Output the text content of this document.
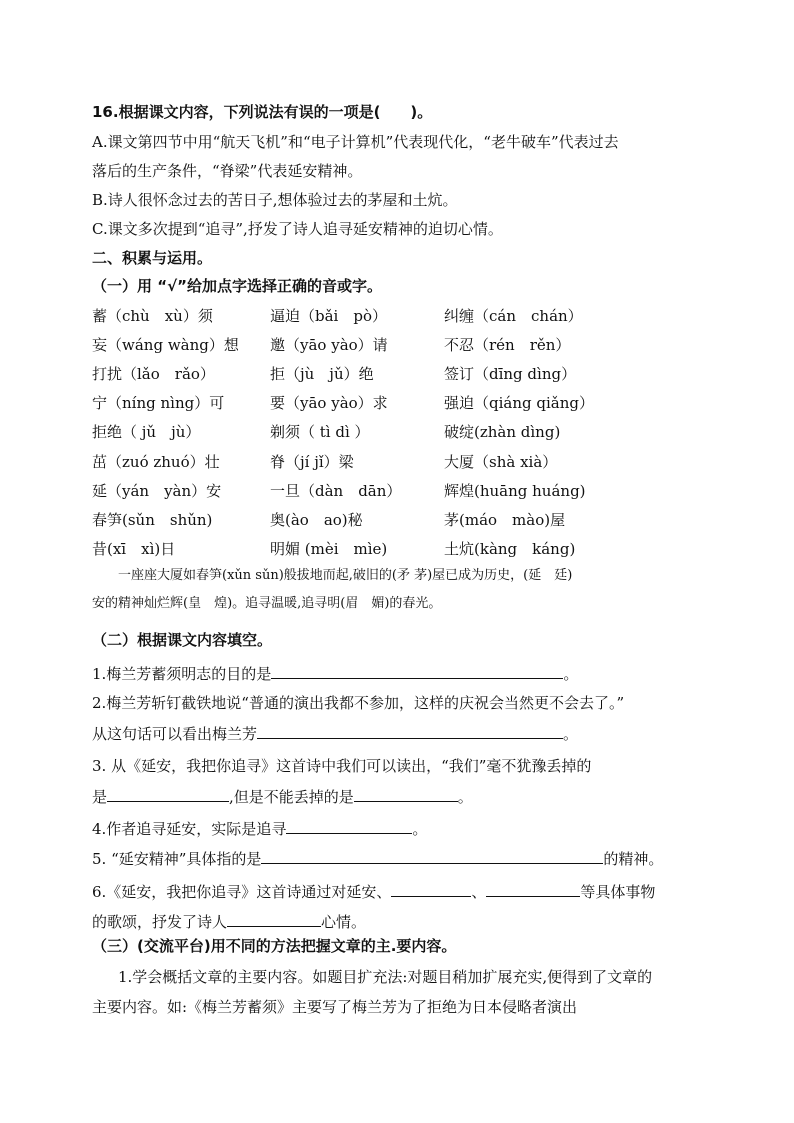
16.根据课文内容，下列说法有误的一项是(　　)。
A.课文第四节中用“航天飞机”和“电子计算机”代表现代化，“老牛破车”代表过去
落后的生产条件，“脊梁”代表延安精神。
B.诗人很怀念过去的苦日子,想体验过去的茅屋和土炕。
C.课文多次提到“追寻”,抒发了诗人追寻延安精神的迫切心情。
二、积累与运用。
（一）用 “√”给加点字选择正确的音或字。
蓄（chù　xù）须	逼迫（bǎi　pò）	纠缠（cán　chán）
妄（wáng wàng）想 邀（yāo yào）请	不忍（rén　rěn）
打扰（lǎo　rǎo）	拒（jù　jǔ）绝	签订（dīng dìng）
宁（níng nìng）可	要（yāo yào）求	强迫（qiáng qiǎng）
拒绝（ jǔ　jù）	剃须（ tì dì ）	破绽(zhàn dìng)
茁（zuó zhuó）壮	脊（jí jǐ）梁	大厦（shà xià）
延（yán　yàn）安	一旦（dàn　dān）	辉煌(huāng huáng)
春笋(sǔn　shǔn)	奥(ào　ao)秘	茅(máo　mào)屋
昔(xī　xì)日	明媚 (mèi　mìe)	土炕(kàng　káng)
一座座大厦如春笋(xǔn sǔn)般拔地而起,破旧的(矛 茅)屋已成为历史，(延　廷)
安的精神灿烂辉(皇　煌)。追寻温暖,追寻明(眉　媚)的春光。
（二）根据课文内容填空。
1.梅兰芳蓄须明志的目的是	。
2.梅兰芳斩钉截铁地说“普通的演出我都不参加，这样的庆祝会当然更不会去了。”
从这句话可以看出梅兰芳	。
3. 从《延安，我把你追寻》这首诗中我们可以读出，“我们”毫不犹豫丢掉的
是	,但是不能丢掉的是	。
4.作者追寻延安，实际是追寻	。
5. “延安精神”具体指的是	的精神。
6.《延安，我把你追寻》这首诗通过对延安、	、	等具体事物
的歌颂，抒发了诗人	心情。
（三）(交流平台)用不同的方法把握文章的主.要内容。
1.学会概括文章的主要内容。如题目扩充法:对题目稍加扩展充实,便得到了文章的
主要内容。如:《梅兰芳蓄须》主要写了梅兰芳为了拒绝为日本侵略者演出
